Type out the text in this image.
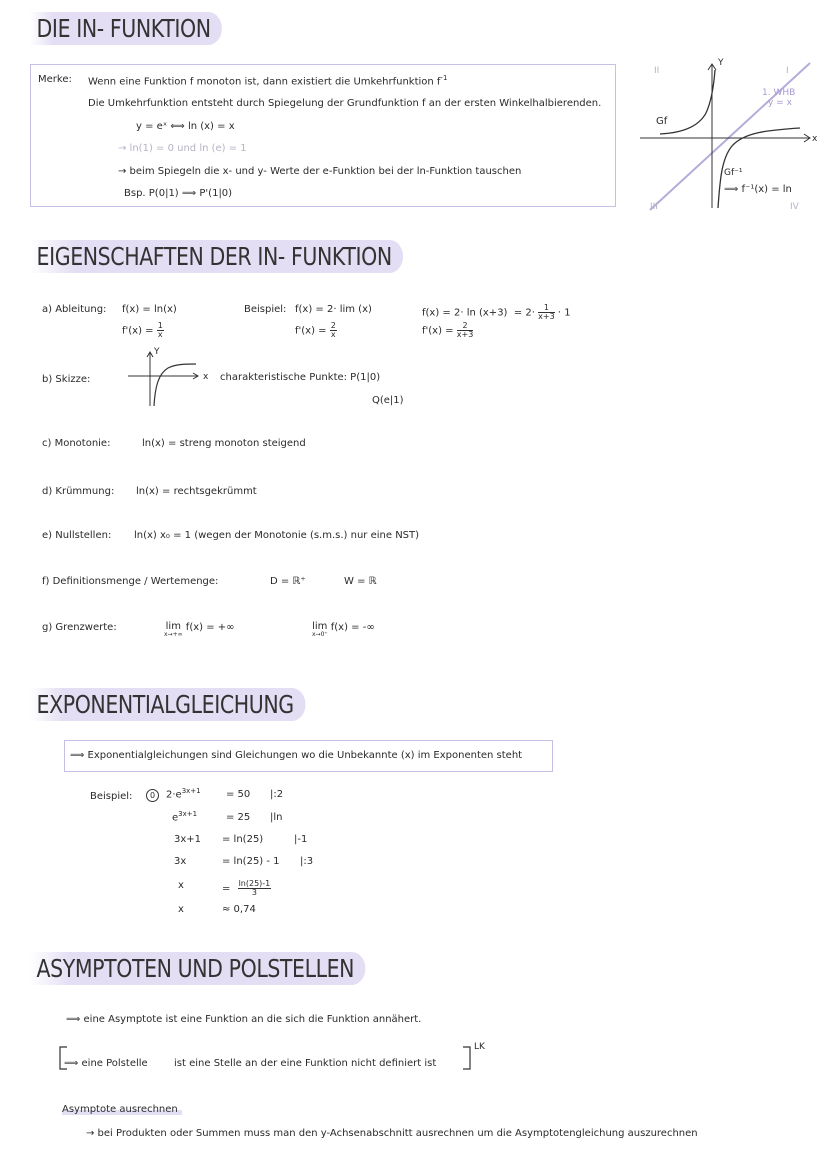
DIE IN- FUNKTION
Merke: Wenn eine Funktion f monoton ist, dann existiert die Umkehrfunktion $f^{-1}$
Die Umkehrfunktion entsteht durch Spiegelung der Grundfunktion f an der ersten Winkelhalbierenden.
y = eˣ ⟺ ln (x) = x
→ ln(1) = 0 und ln (e) = 1
→ beim Spiegeln die x- und y- Werte der e-Funktion bei der ln-Funktion tauschen
Bsp. P(0|1) ⟹ P'(1|0)
II	I
III	IV
Y
x
Gf
1. WHB
y = x
Gf⁻¹
⟹ f⁻¹(x) = ln
EIGENSCHAFTEN DER IN- FUNKTION
a) Ableitung: f(x) = ln(x)
$f'(x) = \frac{1}{x}$
Beispiel: f(x) = 2· lim (x)
$f'(x) = \frac{2}{x}$
$f(x) = 2\cdot \ln (x+3) = 2\cdot \frac{1}{x+3} \cdot 1$
$f'(x) = \frac{2}{x+3}$
b) Skizze:
Y
x charakteristische Punkte: P(1|0)
Q(e|1)
c) Monotonie:	ln(x) = streng monoton steigend
d) Krümmung: ln(x) = rechtsgekrümmt
e) Nullstellen: ln(x) x₀ = 1 (wegen der Monotonie (s.m.s.) nur eine NST)
f) Definitionsmenge / Wertemenge:	D = ℝ⁺	W = ℝ
g) Grenzwerte:	lim
x→+∞
f(x) = +∞	lim
x→0⁺
f(x) = -∞
EXPONENTIALGLEICHUNG
⟹ Exponentialgleichungen sind Gleichungen wo die Unbekannte (x) im Exponenten steht
Beispiel:	0	$2\cdot e^{3x+1}$	= 50 |:2
$e^{3x+1}$	= 25 |ln
3x+1 = ln(25)	|-1
3x	= ln(25) - 1 |:3
x	= $\frac{\ln(25)-1}{3}$
x	≈ 0,74
ASYMPTOTEN UND POLSTELLEN
⟹ eine Asymptote ist eine Funktion an die sich die Funktion annähert.
⟹ eine Polstelle	ist eine Stelle an der eine Funktion nicht definiert ist
LK
Asymptote ausrechnen
→ bei Produkten oder Summen muss man den y-Achsenabschnitt ausrechnen um die Asymptotengleichung auszurechnen
